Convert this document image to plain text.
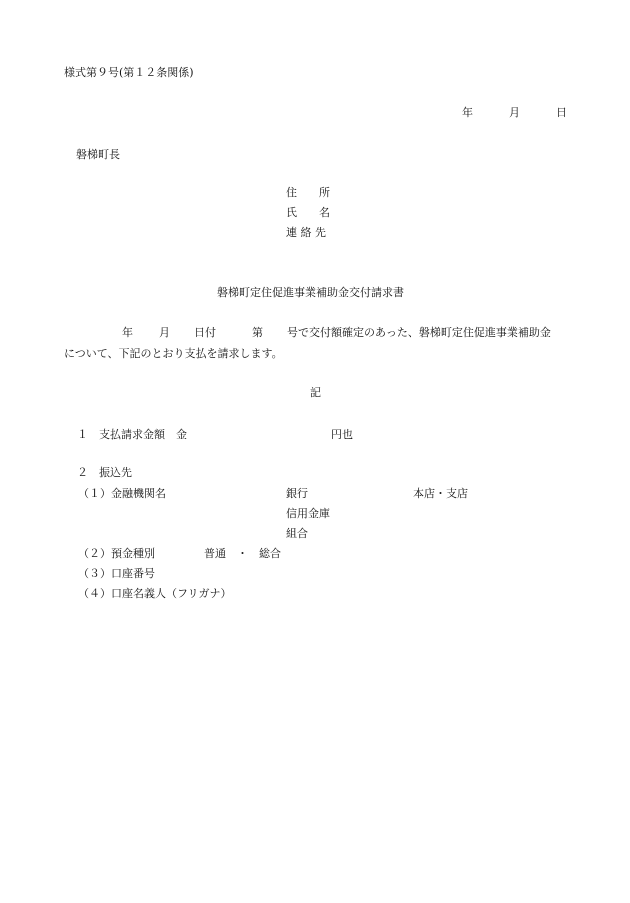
様式第９号(第１２条関係)
年	月	日
磐梯町長
住　　所
氏　　名
連 絡 先
磐梯町定住促進事業補助金交付請求書
年 月 日付	第 号で交付額確定のあった、磐梯町定住促進事業補助金
について、下記のとおり支払を請求します。
記
１　支払請求金額　金	円也
２　振込先
（１）金融機関名	銀行	本店・支店
信用金庫
組合
（２）預金種別	普通　・　総合
（３）口座番号
（４）口座名義人（フリガナ）
